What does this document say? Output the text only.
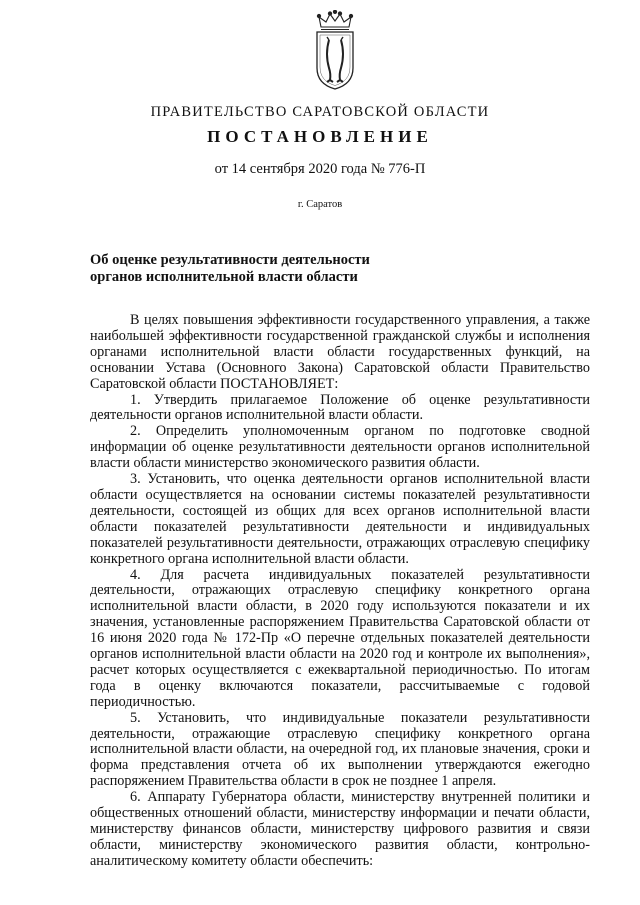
ПРАВИТЕЛЬСТВО САРАТОВСКОЙ ОБЛАСТИ
ПОСТАНОВЛЕНИЕ
от 14 сентября 2020 года № 776-П
г. Саратов
Об оценке результативности деятельности
органов исполнительной власти области

В целях повышения эффективности государственного управления, а также наибольшей эффективности государственной гражданской службы и исполнения органами исполнительной власти области государственных функций, на основании Устава (Основного Закона) Саратовской области Правительство Саратовской области ПОСТАНОВЛЯЕТ:

1. Утвердить прилагаемое Положение об оценке результативности деятельности органов исполнительной власти области.

2. Определить уполномоченным органом по подготовке сводной информации об оценке результативности деятельности органов исполнительной власти области министерство экономического развития области.

3. Установить, что оценка деятельности органов исполнительной власти области осуществляется на основании системы показателей результативности деятельности, состоящей из общих для всех органов исполнительной власти области показателей результативности деятельности и индивидуальных показателей результативности деятельности, отражающих отраслевую специфику конкретного органа исполнительной власти области.

4. Для расчета индивидуальных показателей результативности деятельности, отражающих отраслевую специфику конкретного органа исполнительной власти области, в 2020 году используются показатели и их значения, установленные распоряжением Правительства Саратовской области от 16 июня 2020 года № 172-Пр «О перечне отдельных показателей деятельности органов исполнительной власти области на 2020 год и контроле их выполнения», расчет которых осуществляется с ежеквартальной периодичностью. По итогам года в оценку включаются показатели, рассчитываемые с годовой периодичностью.

5. Установить, что индивидуальные показатели результативности деятельности, отражающие отраслевую специфику конкретного органа исполнительной власти области, на очередной год, их плановые значения, сроки и форма представления отчета об их выполнении утверждаются ежегодно распоряжением Правительства области в срок не позднее 1 апреля.

6. Аппарату Губернатора области, министерству внутренней политики и общественных отношений области, министерству информации и печати области, министерству финансов области, министерству цифрового развития и связи области, министерству экономического развития области, контрольно-аналитическому комитету области обеспечить:
